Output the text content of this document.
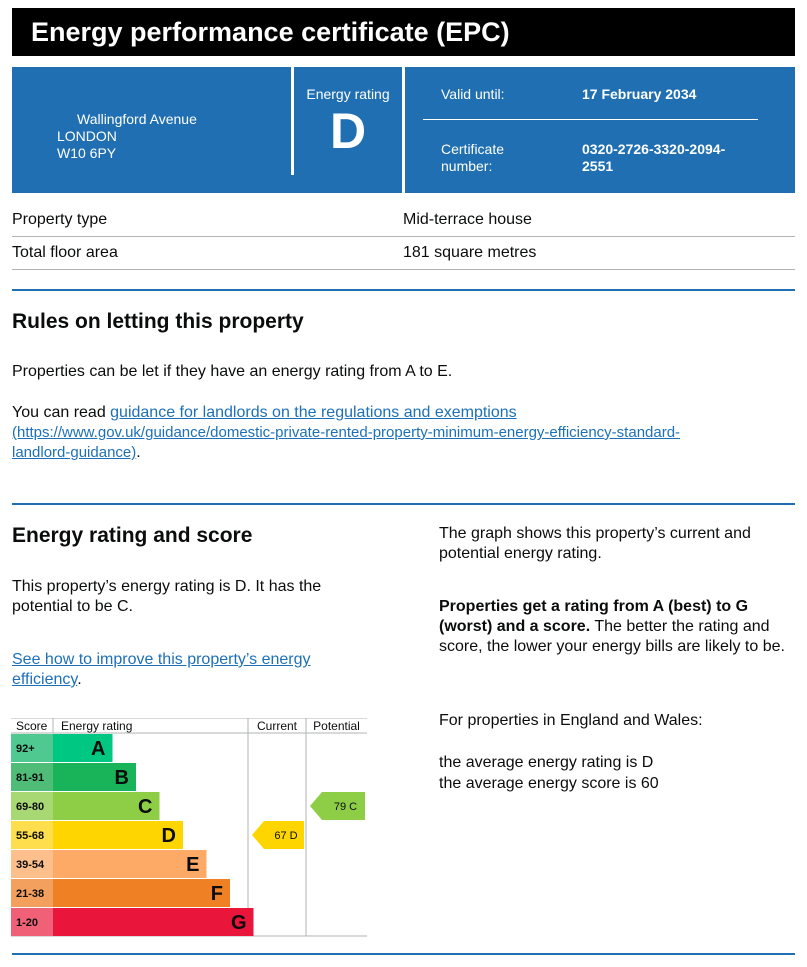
Energy performance certificate (EPC)
Wallingford Avenue
LONDON
W10 6PY
Energy rating
D
Valid until:	17 February 2034
Certificate
number:
0320-2726-3320-2094-
2551
Property type	Mid-terrace house
Total floor area	181 square metres
Rules on letting this property
Properties can be let if they have an energy rating from A to E.
You can read guidance for landlords on the regulations and exemptions
(https://www.gov.uk/guidance/domestic-private-rented-property-minimum-energy-efficiency-standard-
landlord-guidance).
Energy rating and score
This property’s energy rating is D. It has the potential to be C.
See how to improve this property’s energy efficiency.
The graph shows this property’s current and potential energy rating.
Properties get a rating from A (best) to G (worst) and a score. The better the rating and score, the lower your energy bills are likely to be.
For properties in England and Wales:
the average energy rating is D
the average energy score is 60
Score Energy rating	Current Potential
92+	A
81-91	B
69-80	C
55-68	D
39-54	E
21-38	F
1-20	G
67 D
79 C
